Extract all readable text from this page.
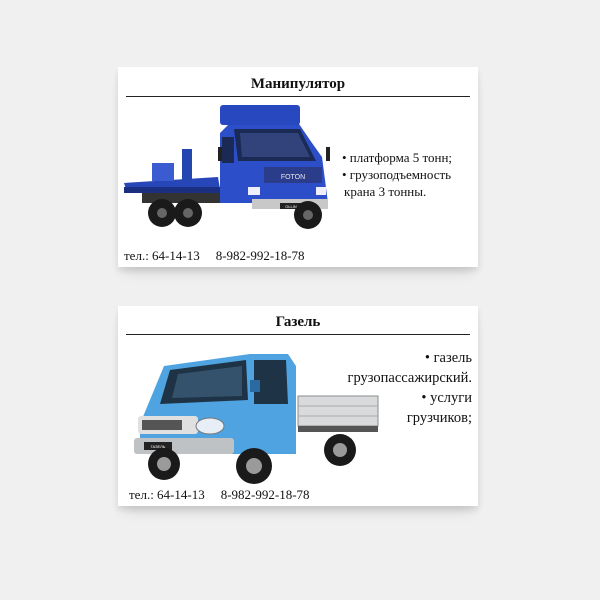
Манипулятор
FOTON
OLLIN
• платформа 5 тонн;
• грузоподъемность
крана 3 тонны.
тел.: 64-14-13 8-982-992-18-78
Газель
ГАЗЕЛЬ
• газель
грузопассажирский.
• услуги
грузчиков;
тел.: 64-14-13 8-982-992-18-78
